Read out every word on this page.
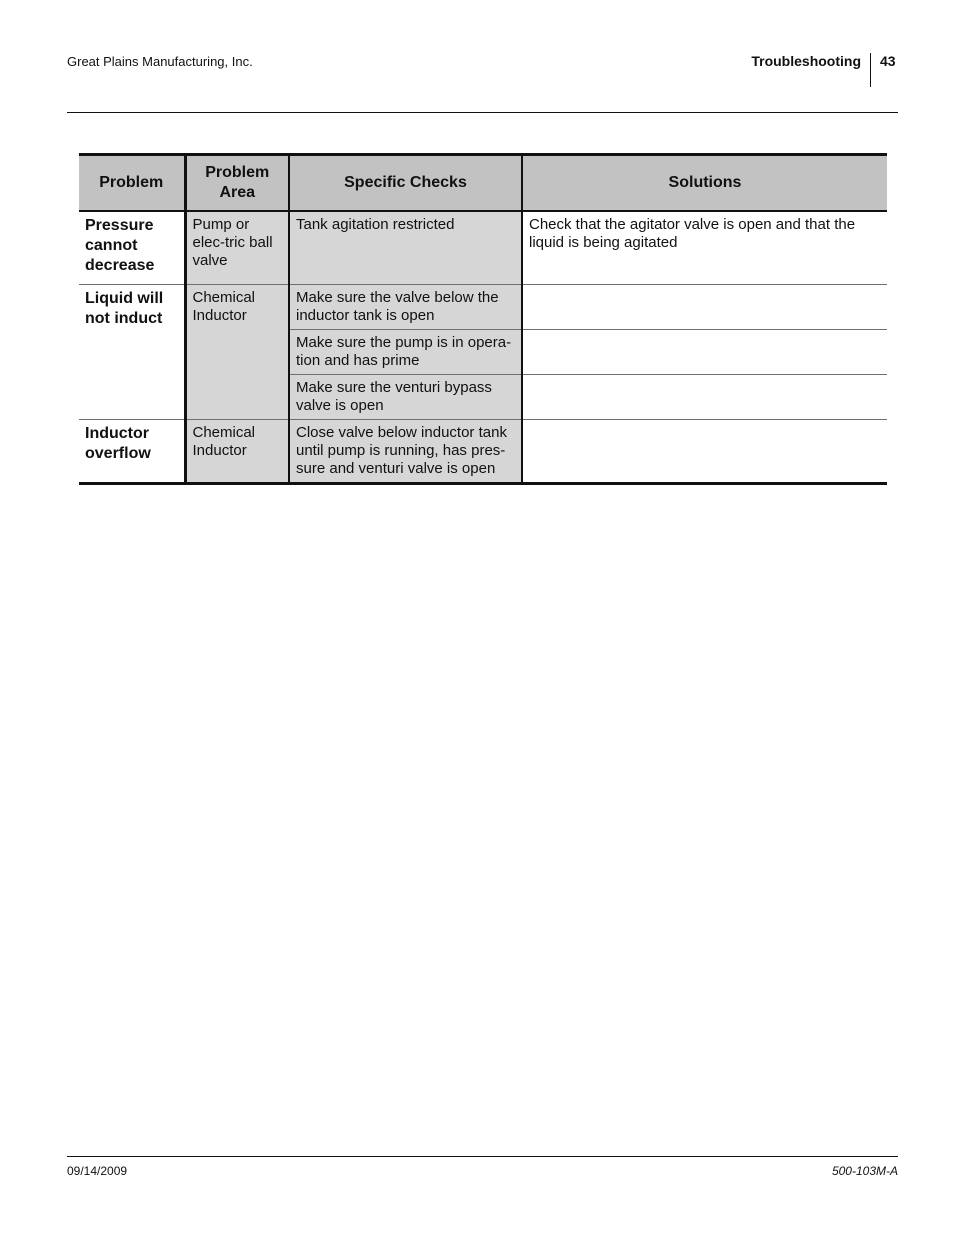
Great Plains Manufacturing, Inc.	Troubleshooting 43
Problem	Problem Area	Specific Checks	Solutions
Pressure cannot decrease	Pump or elec-tric ball valve	Tank agitation restricted	Check that the agitator valve is open and that the liquid is being agitated
Liquid will not induct	Chemical Inductor	Make sure the valve below the inductor tank is open	
		Make sure the pump is in opera-tion and has prime	
		Make sure the venturi bypass valve is open	
Inductor overflow	Chemical Inductor	Close valve below inductor tank until pump is running, has pres-sure and venturi valve is open	
09/14/2009	500-103M-A
